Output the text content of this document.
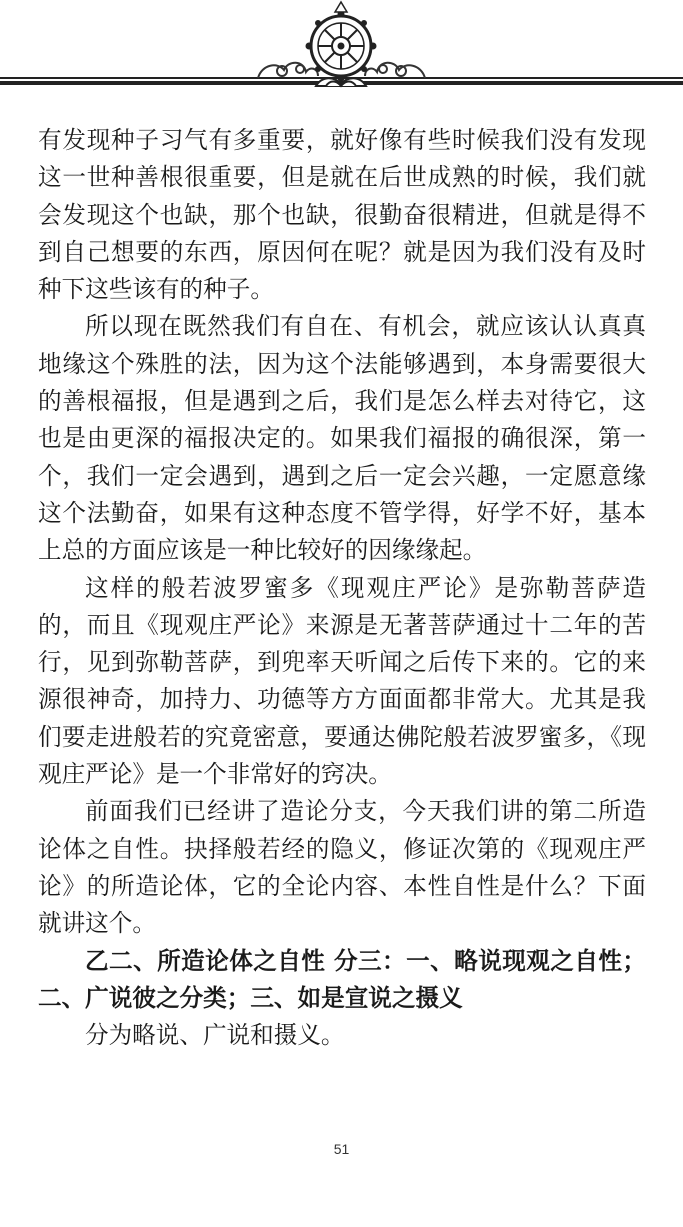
有发现种子习气有多重要，就好像有些时候我们没有发现这一世种善根很重要，但是就在后世成熟的时候，我们就会发现这个也缺，那个也缺，很勤奋很精进，但就是得不到自己想要的东西，原因何在呢？就是因为我们没有及时种下这些该有的种子。

所以现在既然我们有自在、有机会，就应该认认真真地缘这个殊胜的法，因为这个法能够遇到，本身需要很大的善根福报，但是遇到之后，我们是怎么样去对待它，这也是由更深的福报决定的。如果我们福报的确很深，第一个，我们一定会遇到，遇到之后一定会兴趣，一定愿意缘这个法勤奋，如果有这种态度不管学得，好学不好，基本上总的方面应该是一种比较好的因缘缘起。

这样的般若波罗蜜多《现观庄严论》是弥勒菩萨造的，而且《现观庄严论》来源是无著菩萨通过十二年的苦行，见到弥勒菩萨，到兜率天听闻之后传下来的。它的来源很神奇，加持力、功德等方方面面都非常大。尤其是我们要走进般若的究竟密意，要通达佛陀般若波罗蜜多，《现观庄严论》是一个非常好的窍决。

前面我们已经讲了造论分支，今天我们讲的第二所造论体之自性。抉择般若经的隐义，修证次第的《现观庄严论》的所造论体，它的全论内容、本性自性是什么？下面就讲这个。

乙二、所造论体之自性 分三：一、略说现观之自性；二、广说彼之分类；三、如是宣说之摄义

分为略说、广说和摄义。

51
